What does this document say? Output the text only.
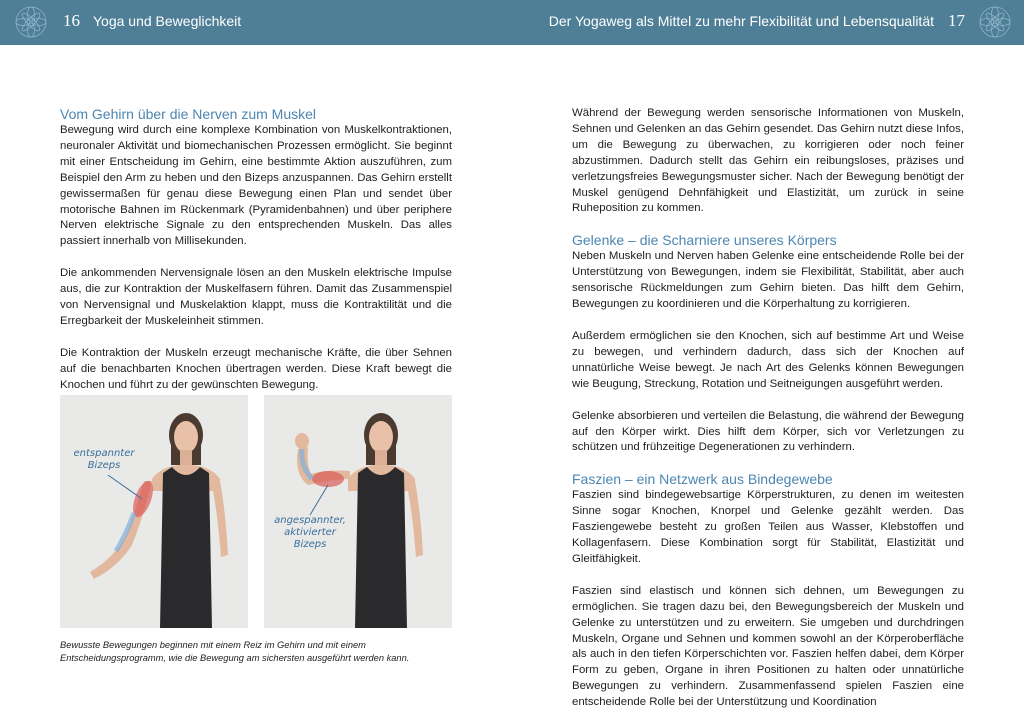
16 Yoga und Beweglichkeit	Der Yogaweg als Mittel zu mehr Flexibilität und Lebensqualität 17
Vom Gehirn über die Nerven zum Muskel

Bewegung wird durch eine komplexe Kombination von Muskelkontraktionen, neuronaler Aktivität und biomechanischen Prozessen ermöglicht. Sie beginnt mit einer Entscheidung im Gehirn, eine bestimmte Aktion auszuführen, zum Beispiel den Arm zu heben und den Bizeps anzuspannen. Das Gehirn erstellt gewissermaßen für genau diese Bewegung einen Plan und sendet über motorische Bahnen im Rückenmark (Pyramidenbahnen) und über periphere Nerven elektrische Signale zu den entsprechenden Muskeln. Das alles passiert innerhalb von Millisekunden.

Die ankommenden Nervensignale lösen an den Muskeln elektrische Impulse aus, die zur Kontraktion der Muskelfasern führen. Damit das Zusammenspiel von Nervensignal und Muskelaktion klappt, muss die Kontraktilität und die Erregbarkeit der Muskeleinheit stimmen.

Die Kontraktion der Muskeln erzeugt mechanische Kräfte, die über Sehnen auf die benachbarten Knochen übertragen werden. Diese Kraft bewegt die Knochen und führt zu der gewünschten Bewegung.

entspannter
Bizeps
angespannter,
aktivierter
Bizeps
Bewusste Bewegungen beginnen mit einem Reiz im Gehirn und mit einem Entscheidungsprogramm, wie die Bewegung am sichersten ausgeführt werden kann.

Während der Bewegung werden sensorische Informationen von Muskeln, Sehnen und Gelenken an das Gehirn gesendet. Das Gehirn nutzt diese Infos, um die Bewegung zu überwachen, zu korrigieren oder noch feiner abzustimmen. Dadurch stellt das Gehirn ein reibungsloses, präzises und verletzungsfreies Bewegungsmuster sicher. Nach der Bewegung benötigt der Muskel genügend Dehnfähigkeit und Elastizität, um zurück in seine Ruheposition zu kommen.

Gelenke – die Scharniere unseres Körpers

Neben Muskeln und Nerven haben Gelenke eine entscheidende Rolle bei der Unterstützung von Bewegungen, indem sie Flexibilität, Stabilität, aber auch sensorische Rückmeldungen zum Gehirn bieten. Das hilft dem Gehirn, Bewegungen zu koordinieren und die Körperhaltung zu korrigieren.

Außerdem ermöglichen sie den Knochen, sich auf bestimme Art und Weise zu bewegen, und verhindern dadurch, dass sich der Knochen auf unnatürliche Weise bewegt. Je nach Art des Gelenks können Bewegungen wie Beugung, Streckung, Rotation und Seitneigungen ausgeführt werden.

Gelenke absorbieren und verteilen die Belastung, die während der Bewegung auf den Körper wirkt. Dies hilft dem Körper, sich vor Verletzungen zu schützen und frühzeitige Degenerationen zu verhindern.

Faszien – ein Netzwerk aus Bindegewebe

Faszien sind bindegewebsartige Körperstrukturen, zu denen im weitesten Sinne sogar Knochen, Knorpel und Gelenke gezählt werden. Das Fasziengewebe besteht zu großen Teilen aus Wasser, Klebstoffen und Kollagenfasern. Diese Kombination sorgt für Stabilität, Elastizität und Gleitfähigkeit.

Faszien sind elastisch und können sich dehnen, um Bewegungen zu ermöglichen. Sie tragen dazu bei, den Bewegungsbereich der Muskeln und Gelenke zu unterstützen und zu erweitern. Sie umgeben und durchdringen Muskeln, Organe und Sehnen und kommen sowohl an der Körperoberfläche als auch in den tiefen Körperschichten vor. Faszien helfen dabei, dem Körper Form zu geben, Organe in ihren Positionen zu halten oder unnatürliche Bewegungen zu verhindern. Zusammenfassend spielen Faszien eine entscheidende Rolle bei der Unterstützung und Koordination
